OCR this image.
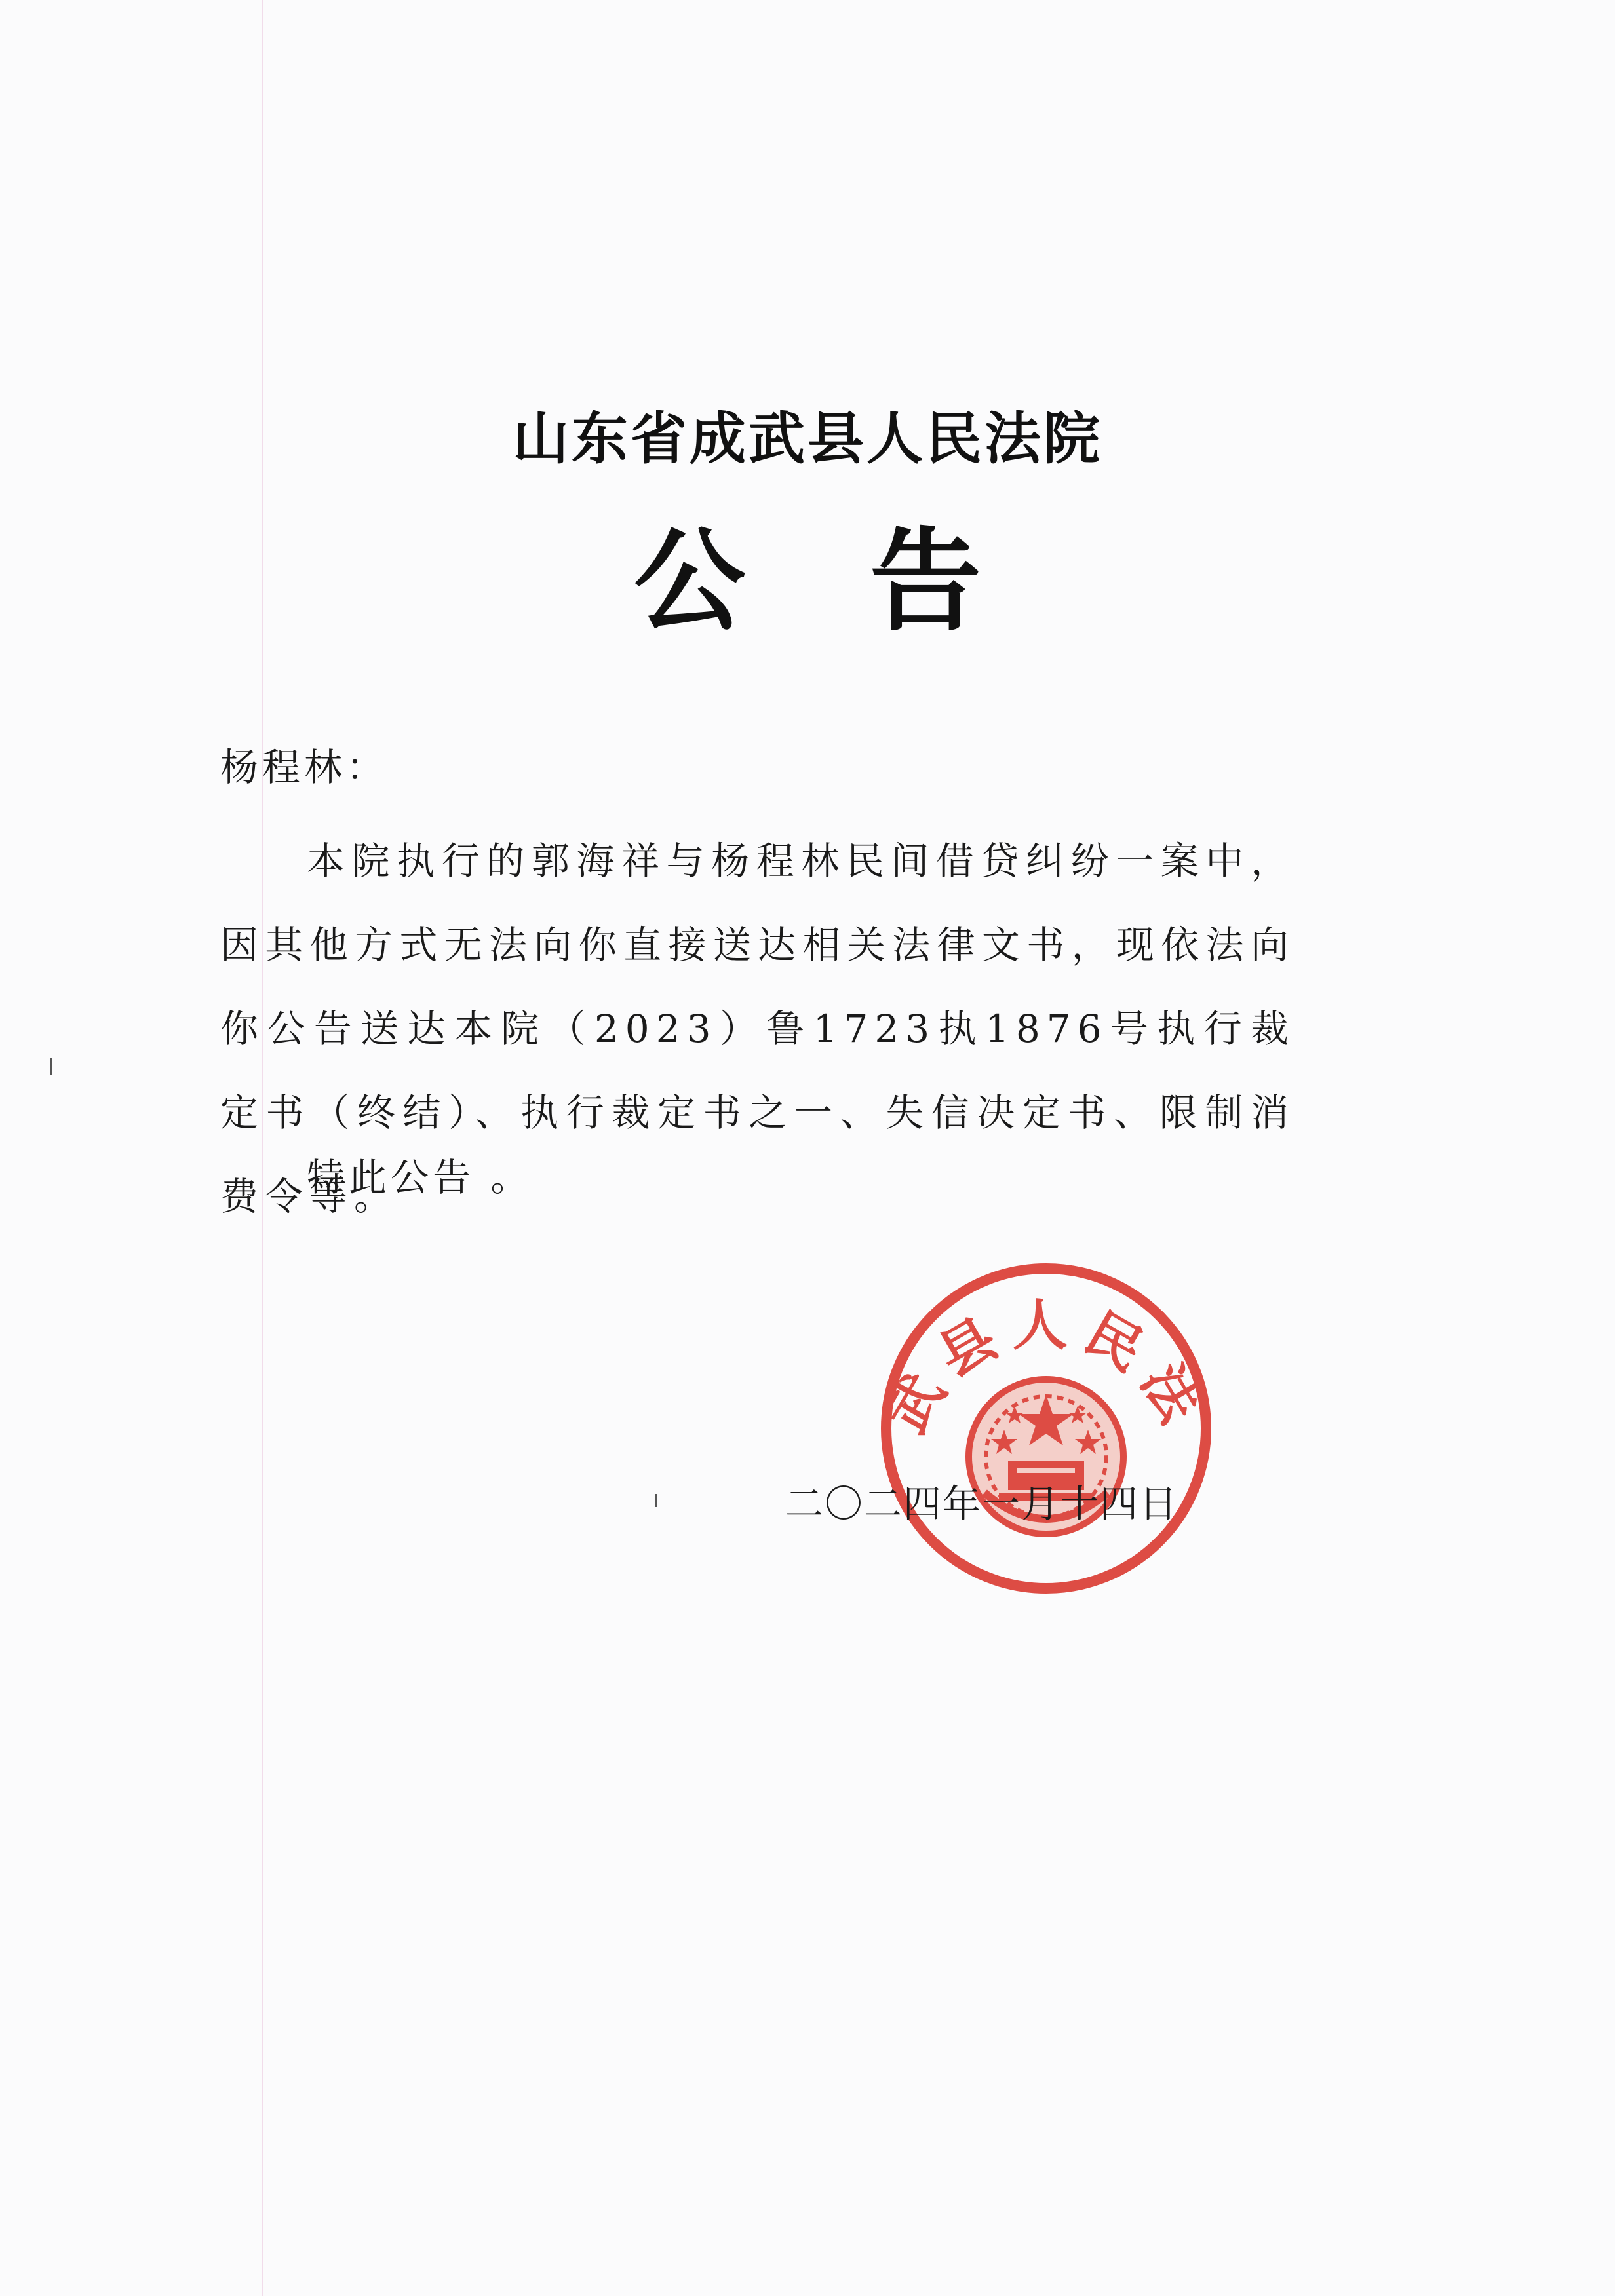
山东省成武县人民法院
公告
杨程林：
本院执行的郭海祥与杨程林民间借贷纠纷一案中，因其他方式无法向你直接送达相关法律文书，现依法向你公告送达本院（2023）鲁1723执1876号执行裁定书（终结）、执行裁定书之一、失信决定书、限制消费令等。
特此公告 。
武县人民法
二〇二四年一月十四日
